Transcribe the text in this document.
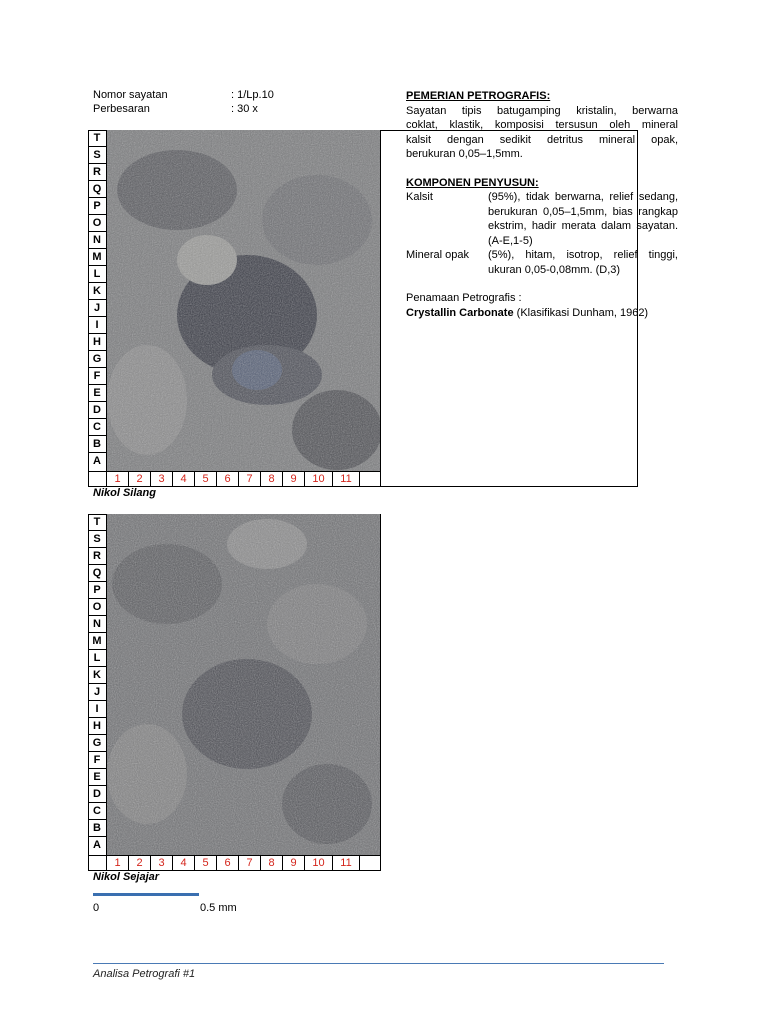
Nomor sayatan	: 1/Lp.10
Perbesaran	: 30 x
T
S
R
Q
P
O
N
M
L
K
J
I
H
G
F
E
D
C
B
A
1	2	3	4	5	6	7	8	9	10	11
PEMERIAN PETROGRAFIS:
Sayatan tipis batugamping kristalin, berwarna
coklat, klastik, komposisi tersusun oleh mineral
kalsit dengan sedikit detritus mineral opak,
berukuran 0,05–1,5mm.
KOMPONEN PENYUSUN:
Kalsit	(95%), tidak berwarna, relief sedang, berukuran 0,05–1,5mm, bias rangkap ekstrim, hadir merata dalam sayatan. (A-E,1-5)
Mineral opak	(5%), hitam, isotrop, relief tinggi, ukuran 0,05-0,08mm. (D,3)
Penamaan Petrografis :
Crystallin Carbonate (Klasifikasi Dunham, 1962)
Nikol Silang
T
S
R
Q
P
O
N
M
L
K
J
I
H
G
F
E
D
C
B
A
1	2	3	4	5	6	7	8	9	10	11
Nikol Sejajar
0	0.5 mm
Analisa Petrografi #1
